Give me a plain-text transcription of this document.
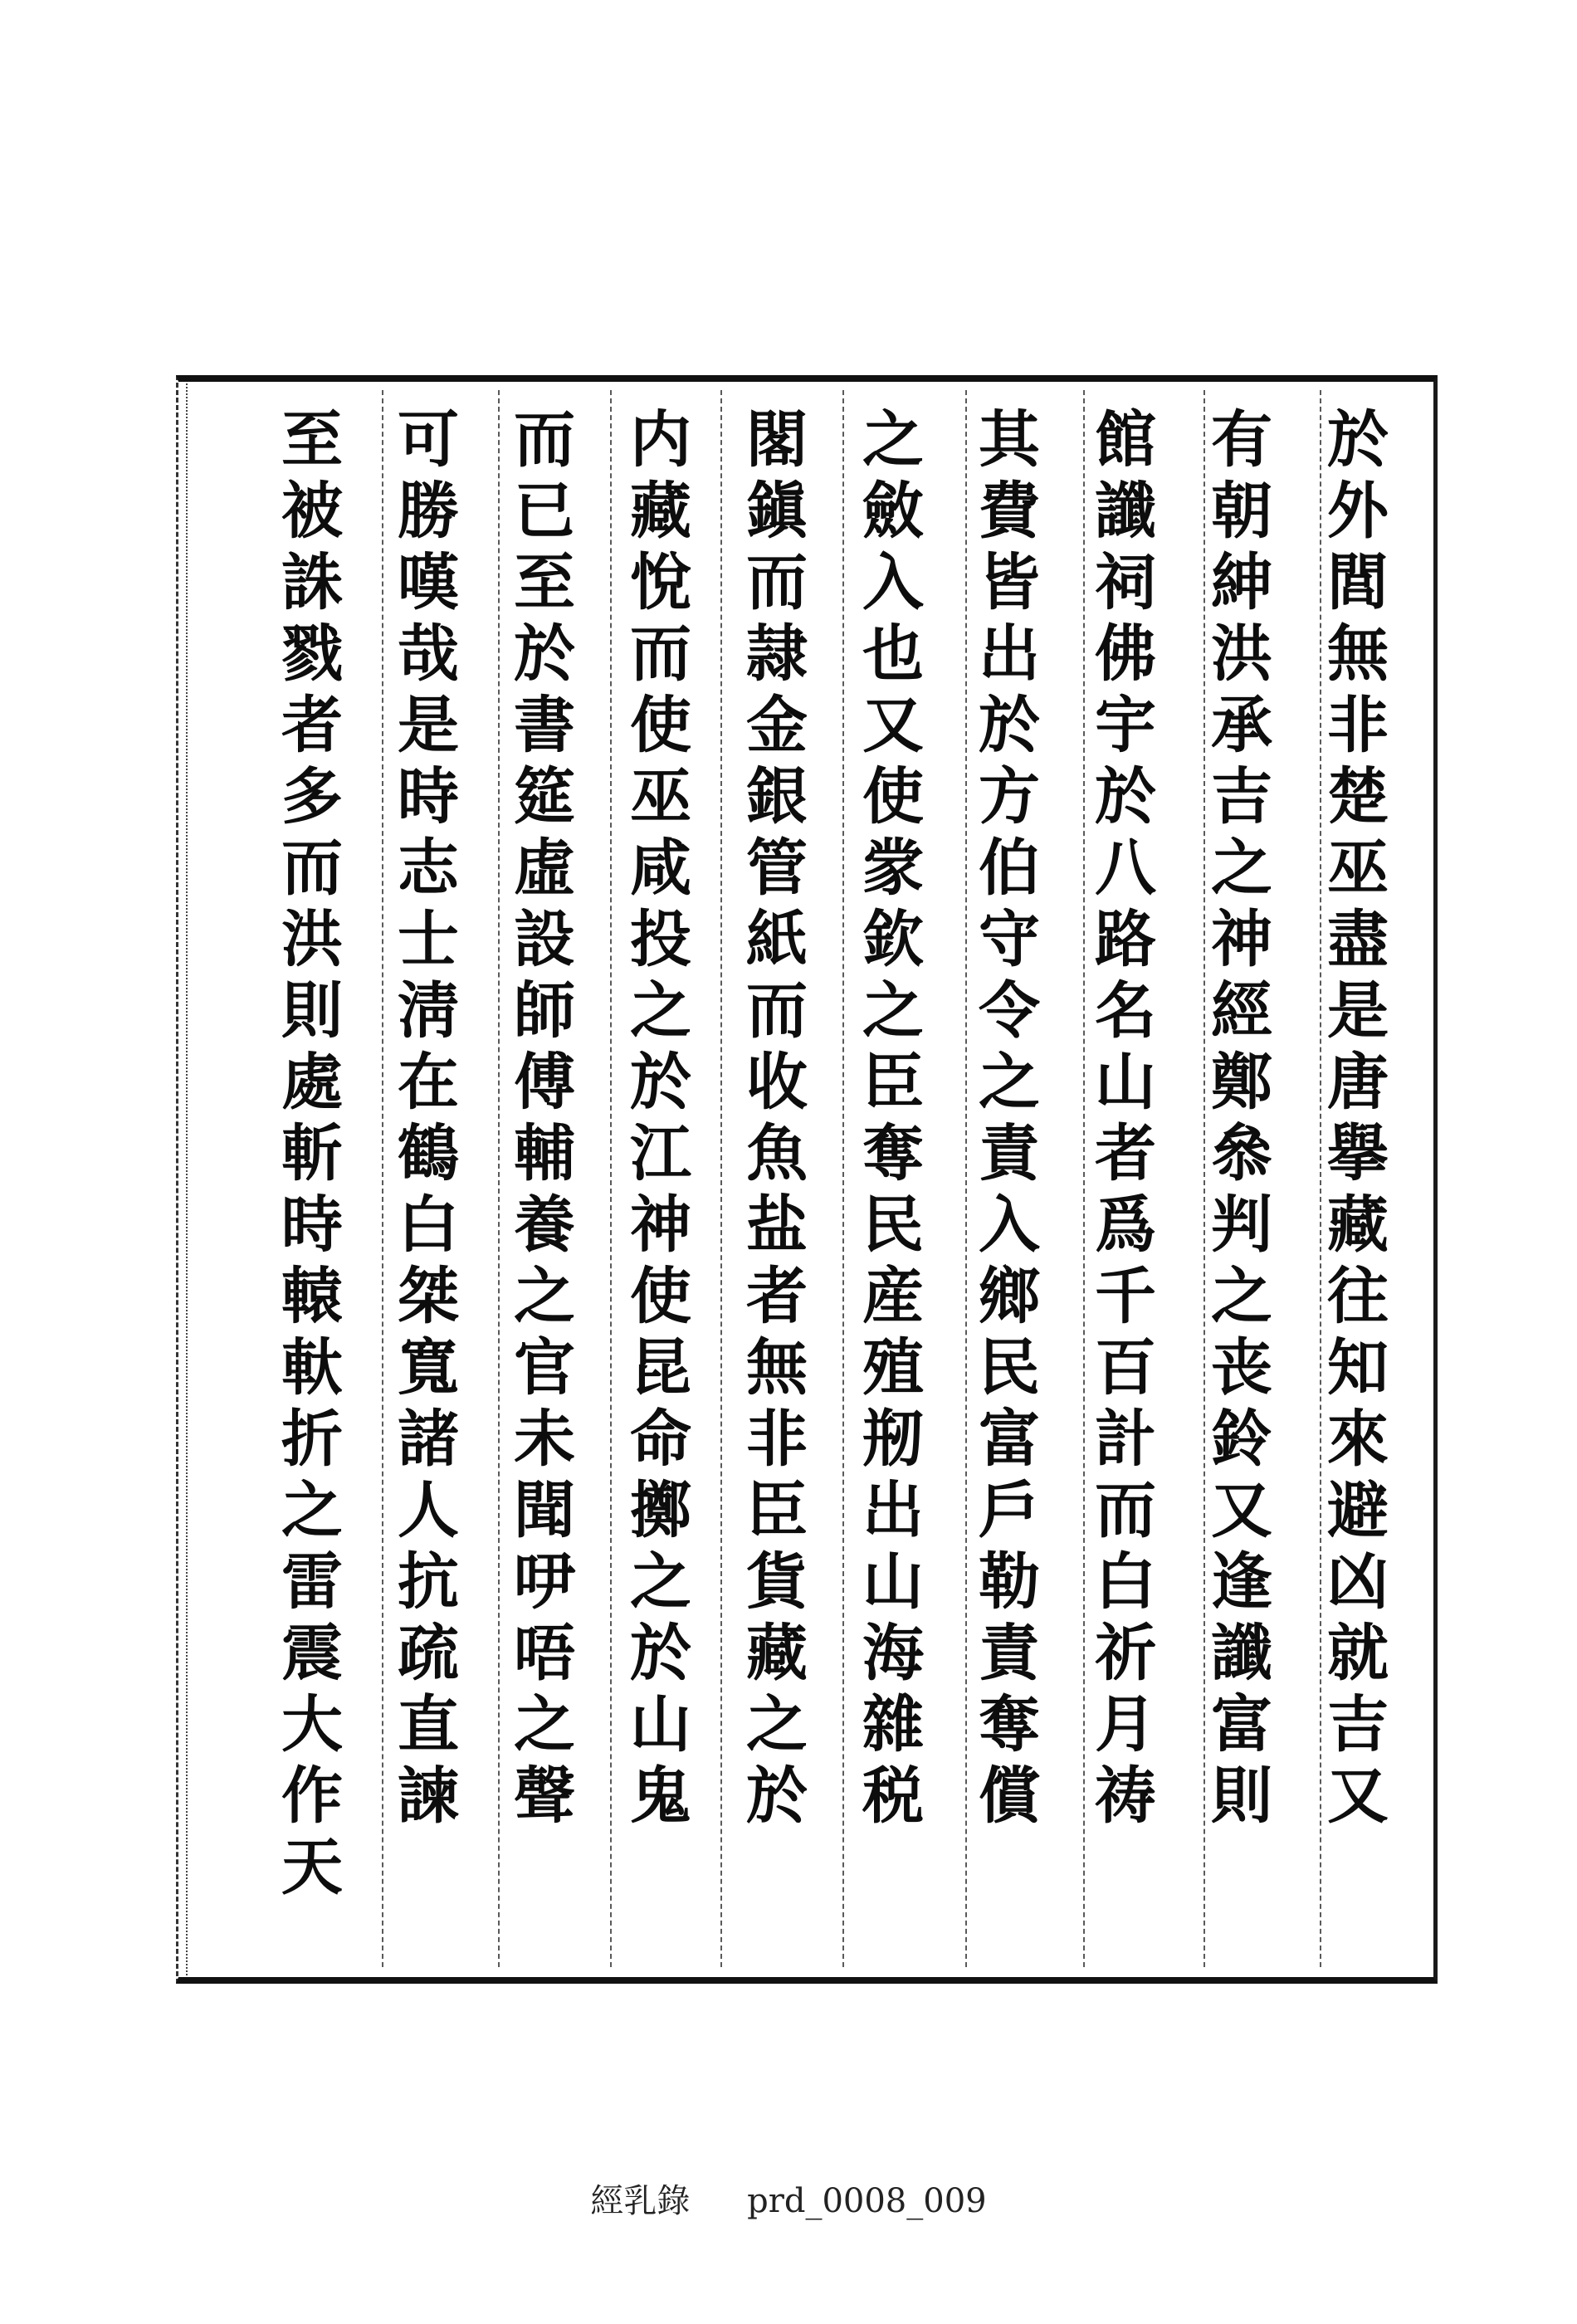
於外閭無非楚巫盡是唐擧藏往知來避凶就吉又
有朝紳洪承吉之神經鄭叅判之丧鈴又逢讖富則
館讖祠佛宇於八路名山者爲千百計而白祈月祷
其費皆出於方伯守令之責入鄉民富戶勒責奪償
之斂入也又使䝉欽之臣奪民産殖剏出山海雜税
閣鎭而隷金銀管紙而收魚盐者無非臣貨藏之於
内藏悅而使巫咸投之於江神使昆命擲之於山鬼
而已至於書筵虛設師傅輔養之官未聞吚唔之聲
可勝嘆哉是時志士淸在鶴白桀寬諸人抗疏直諫
至被誅戮者多而洪則處斬時轅軑折之雷震大作天
經乳錄 prd_0008_009
